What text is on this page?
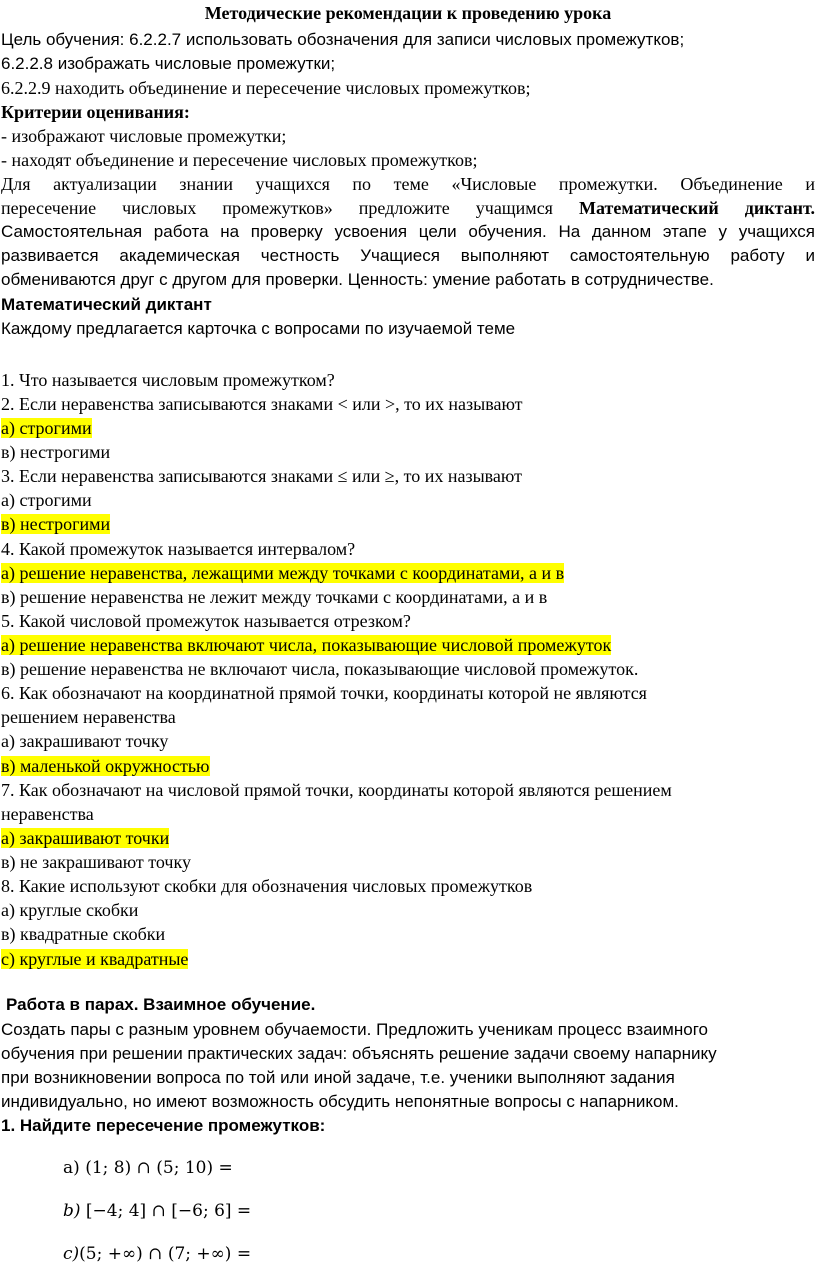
Методические рекомендации к проведению урока
Цель обучения: 6.2.2.7 использовать обозначения для записи числовых промежутков;
6.2.2.8 изображать числовые промежутки;
6.2.2.9 находить объединение и пересечение числовых промежутков;
Критерии оценивания:
- изображают числовые промежутки;
- находят объединение и пересечение числовых промежутков;
Для актуализации знании учащихся по теме «Числовые промежутки. Объединение и
пересечение числовых промежутков» предложите учащимся Математический диктант.
Самостоятельная работа на проверку усвоения цели обучения. На данном этапе у учащихся
развивается академическая честность Учащиеся выполняют самостоятельную работу и
обмениваются друг с другом для проверки. Ценность: умение работать в сотрудничестве.
Математический диктант
Каждому предлагается карточка с вопросами по изучаемой теме
1. Что называется числовым промежутком?
2. Если неравенства записываются знаками < или >, то их называют
а) строгими
в) нестрогими
3. Если неравенства записываются знаками ≤ или ≥, то их называют
а) строгими
в) нестрогими
4. Какой промежуток называется интервалом?
а) решение неравенства, лежащими между точками с координатами, а и в
в) решение неравенства не лежит между точками с координатами, а и в
5. Какой числовой промежуток называется отрезком?
а) решение неравенства включают числа, показывающие числовой промежуток
в) решение неравенства не включают числа, показывающие числовой промежуток.
6. Как обозначают на координатной прямой точки, координаты которой не являются
решением неравенства
а) закрашивают точку
в) маленькой окружностью
7. Как обозначают на числовой прямой точки, координаты которой являются решением
неравенства
а) закрашивают точки
в) не закрашивают точку
8. Какие используют скобки для обозначения числовых промежутков
а) круглые скобки
в) квадратные скобки
с) круглые и квадратные
Работа в парах. Взаимное обучение.
Создать пары с разным уровнем обучаемости. Предложить ученикам процесс взаимного
обучения при решении практических задач: объяснять решение задачи своему напарнику
при возникновении вопроса по той или иной задаче, т.е. ученики выполняют задания
индивидуально, но имеют возможность обсудить непонятные вопросы с напарником.
1. Найдите пересечение промежутков:
а) (1; 8) ∩ (5; 10) =
b) [−4; 4] ∩ [−6; 6] =
c)(5; +∞) ∩ (7; +∞) =
